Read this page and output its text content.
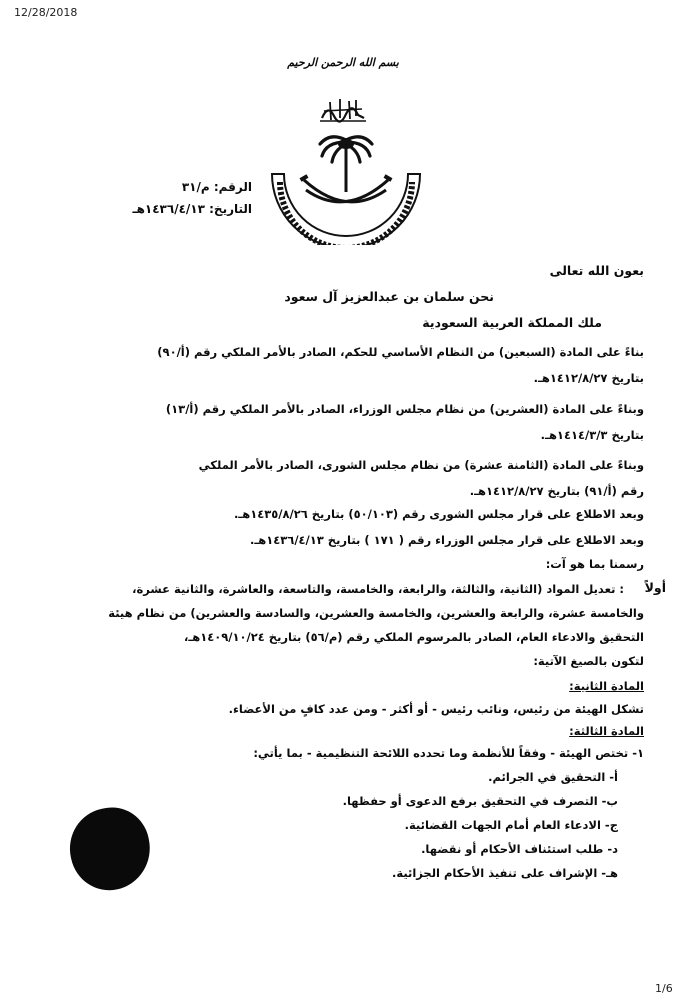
12/28/2018
بسم الله الرحمن الرحيم
الرقم: م/٣١
التاريخ: ١٤٣٦/٤/١٣هـ
بعون الله تعالى
نحن سلمان بن عبدالعزيز آل سعود
ملك المملكة العربية السعودية
بناءً على المادة (السبعين) من النظام الأساسي للحكم، الصادر بالأمر الملكي رقم (أ/٩٠)
بتاريخ ١٤١٢/٨/٢٧هـ.
وبناءً على المادة (العشرين) من نظام مجلس الوزراء، الصادر بالأمر الملكي رقم (أ/١٣)
بتاريخ ١٤١٤/٣/٣هـ.
وبناءً على المادة (الثامنة عشرة) من نظام مجلس الشورى، الصادر بالأمر الملكي
رقم (أ/٩١) بتاريخ ١٤١٢/٨/٢٧هـ.
وبعد الاطلاع على قرار مجلس الشورى رقم (٥٠/١٠٣) بتاريخ ١٤٣٥/٨/٢٦هـ.
وبعد الاطلاع على قرار مجلس الوزراء رقم ( ١٧١ ) بتاريخ ١٤٣٦/٤/١٣هـ.
رسمنا بما هو آت:
أولاً
: تعديل المواد (الثانية، والثالثة، والرابعة، والخامسة، والتاسعة، والعاشرة، والثانية عشرة،
والخامسة عشرة، والرابعة والعشرين، والخامسة والعشرين، والسادسة والعشرين) من نظام هيئة
التحقيق والادعاء العام، الصادر بالمرسوم الملكي رقم (م/٥٦) بتاريخ ١٤٠٩/١٠/٢٤هـ،
لتكون بالصيغ الآتية:
المادة الثانية:
تشكل الهيئة من رئيس، ونائب رئيس - أو أكثر - ومن عدد كافٍ من الأعضاء.
المادة الثالثة:
١- تختص الهيئة - وفقاً للأنظمة وما تحدده اللائحة التنظيمية - بما يأتي:
أ- التحقيق في الجرائم.
ب- التصرف في التحقيق برفع الدعوى أو حفظها.
ج- الادعاء العام أمام الجهات القضائية.
د- طلب استئناف الأحكام أو نقضها.
هـ- الإشراف على تنفيذ الأحكام الجزائية.
1/6
